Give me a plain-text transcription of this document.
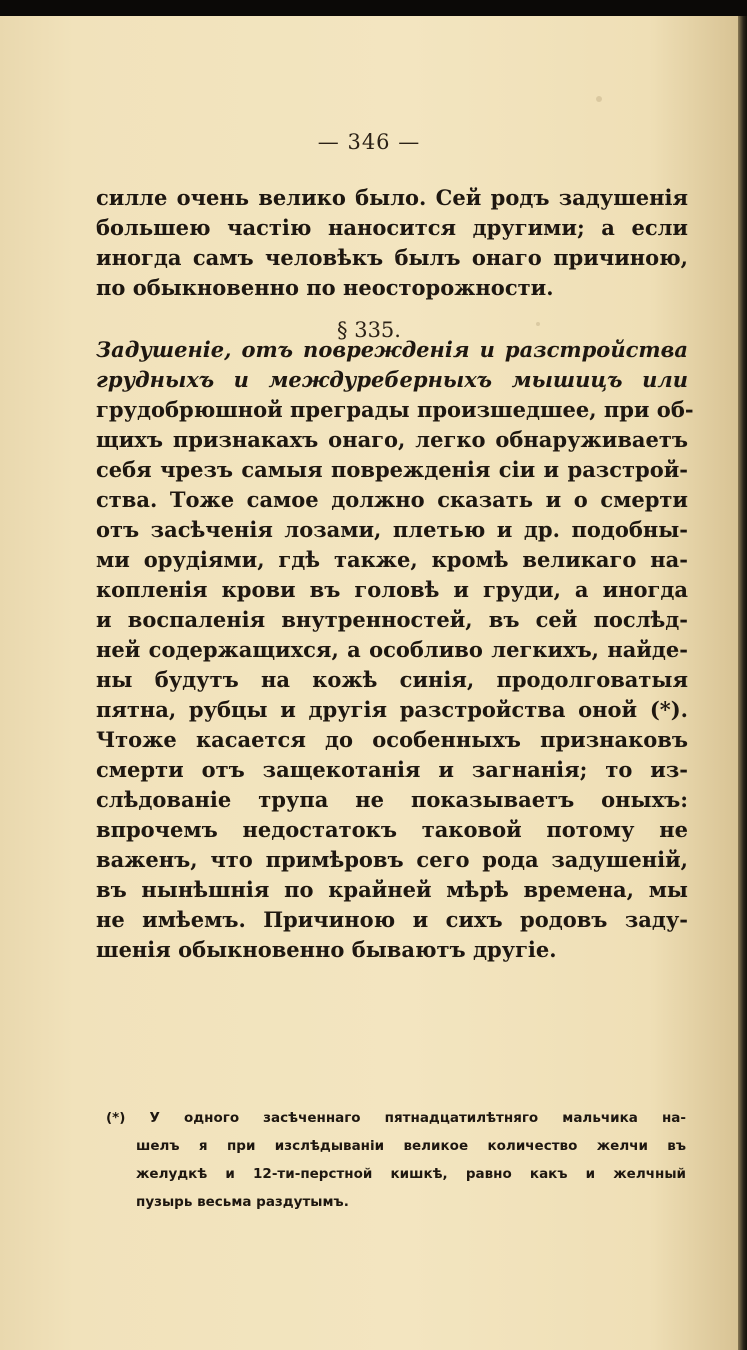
— 346 —

силле очень велико было. Сей родъ задушенія

большею частію наносится другими; а если

иногда самъ человѣкъ былъ онаго причиною,

по обыкновенно по неосторожности.

§ 335.

Задушеніе, отъ поврежденія и разстройства

грудныхъ и междуреберныхъ мышицъ или

грудобрюшной преграды произшедшее, при об-

щихъ признакахъ онаго, легко обнаруживаетъ

себя чрезъ самыя поврежденія сіи и разстрой-

ства. Тоже самое должно сказать и о смерти

отъ засѣченія лозами, плетью и др. подобны-

ми орудіями, гдѣ также, кромѣ великаго на-

копленія крови въ головѣ и груди, а иногда

и воспаленія внутренностей, въ сей послѣд-

ней содержащихся, а особливо легкихъ, найде-

ны будутъ на кожѣ синія, продолговатыя

пятна, рубцы и другія разстройства оной (*).

Чтоже касается до особенныхъ признаковъ

смерти отъ защекотанія и загнанія; то из-

слѣдованіе трупа не показываетъ оныхъ:

впрочемъ недостатокъ таковой потому не

важенъ, что примѣровъ сего рода задушеній,

въ нынѣшнія по крайней мѣрѣ времена, мы

не имѣемъ. Причиною и сихъ родовъ заду-

шенія обыкновенно бываютъ другіе.

(*) У одного засѣченнаго пятнадцатилѣтняго мальчика на-

шелъ я при изслѣдываніи великое количество желчи въ

желудкѣ и 12-ти-перстной кишкѣ, равно какъ и желчный

пузырь весьма раздутымъ.
